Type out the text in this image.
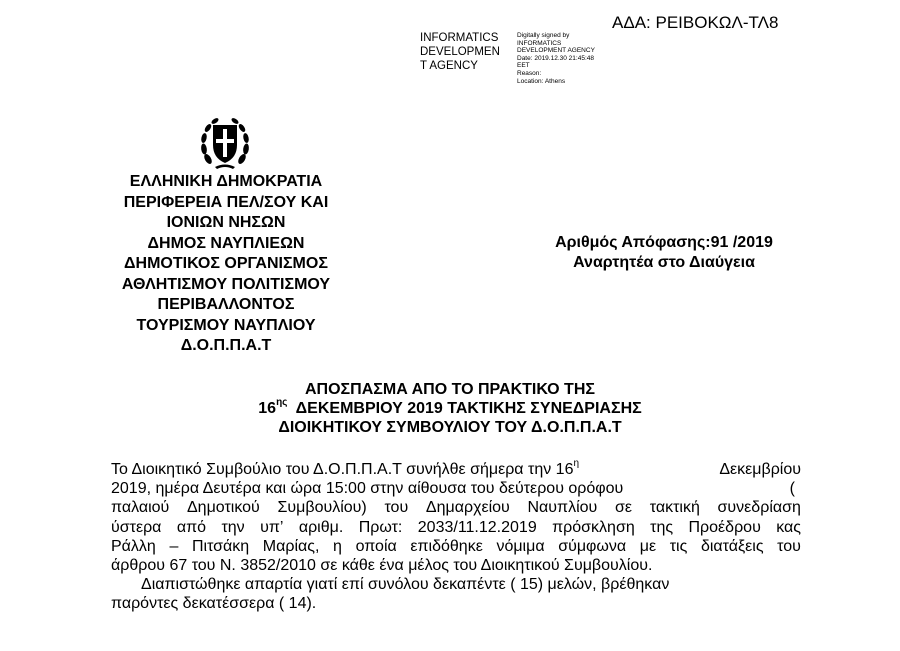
ΑΔΑ: ΡΕΙΒΟΚΩΛ-ΤΛ8
INFORMATICS
DEVELOPMEN
T AGENCY
Digitally signed by
INFORMATICS
DEVELOPMENT AGENCY
Date: 2019.12.30 21:45:48
EET
Reason:
Location: Athens
ΕΛΛΗΝΙΚΗ ΔΗΜΟΚΡΑΤΙΑ
ΠΕΡΙΦΕΡΕΙΑ ΠΕΛ/ΣΟΥ ΚΑΙ
ΙΟΝΙΩΝ ΝΗΣΩΝ
ΔΗΜΟΣ ΝΑΥΠΛΙΕΩΝ
ΔΗΜΟΤΙΚΟΣ ΟΡΓΑΝΙΣΜΟΣ
ΑΘΛΗΤΙΣΜΟΥ ΠΟΛΙΤΙΣΜΟΥ
ΠΕΡΙΒΑΛΛΟΝΤΟΣ
ΤΟΥΡΙΣΜΟΥ ΝΑΥΠΛΙΟΥ
Δ.Ο.Π.Π.Α.Τ
Αριθμός Απόφασης:91 /2019
Αναρτητέα στο Διαύγεια
ΑΠΟΣΠΑΣΜΑ ΑΠΟ ΤΟ ΠΡΑΚΤΙΚΟ ΤΗΣ
$16^{\eta\varsigma}$  ΔΕΚΕΜΒΡΙΟΥ 2019 ΤΑΚΤΙΚΗΣ ΣΥΝΕΔΡΙΑΣΗΣ
ΔΙΟΙΚΗΤΙΚΟΥ ΣΥΜΒΟΥΛΙΟΥ ΤΟΥ Δ.Ο.Π.Π.Α.Τ
Το Διοικητικό Συμβούλιο του Δ.Ο.Π.Π.Α.Τ συνήλθε σήμερα την $16^\eta$	Δεκεμβρίου
2019, ημέρα Δευτέρα και ώρα 15:00 στην αίθουσα του δεύτερου ορόφου	(
παλαιού Δημοτικού Συμβουλίου) του Δημαρχείου Ναυπλίου σε τακτική συνεδρίαση
ύστερα από την υπ’ αριθμ. Πρωτ: 2033/11.12.2019 πρόσκληση της Προέδρου κας
Ράλλη – Πιτσάκη Μαρίας, η οποία επιδόθηκε νόμιμα σύμφωνα με τις διατάξεις του
άρθρου 67 του Ν. 3852/2010 σε κάθε ένα μέλος του Διοικητικού Συμβουλίου.
Διαπιστώθηκε απαρτία γιατί επί συνόλου δεκαπέντε ( 15) μελών, βρέθηκαν
παρόντες δεκατέσσερα ( 14).
